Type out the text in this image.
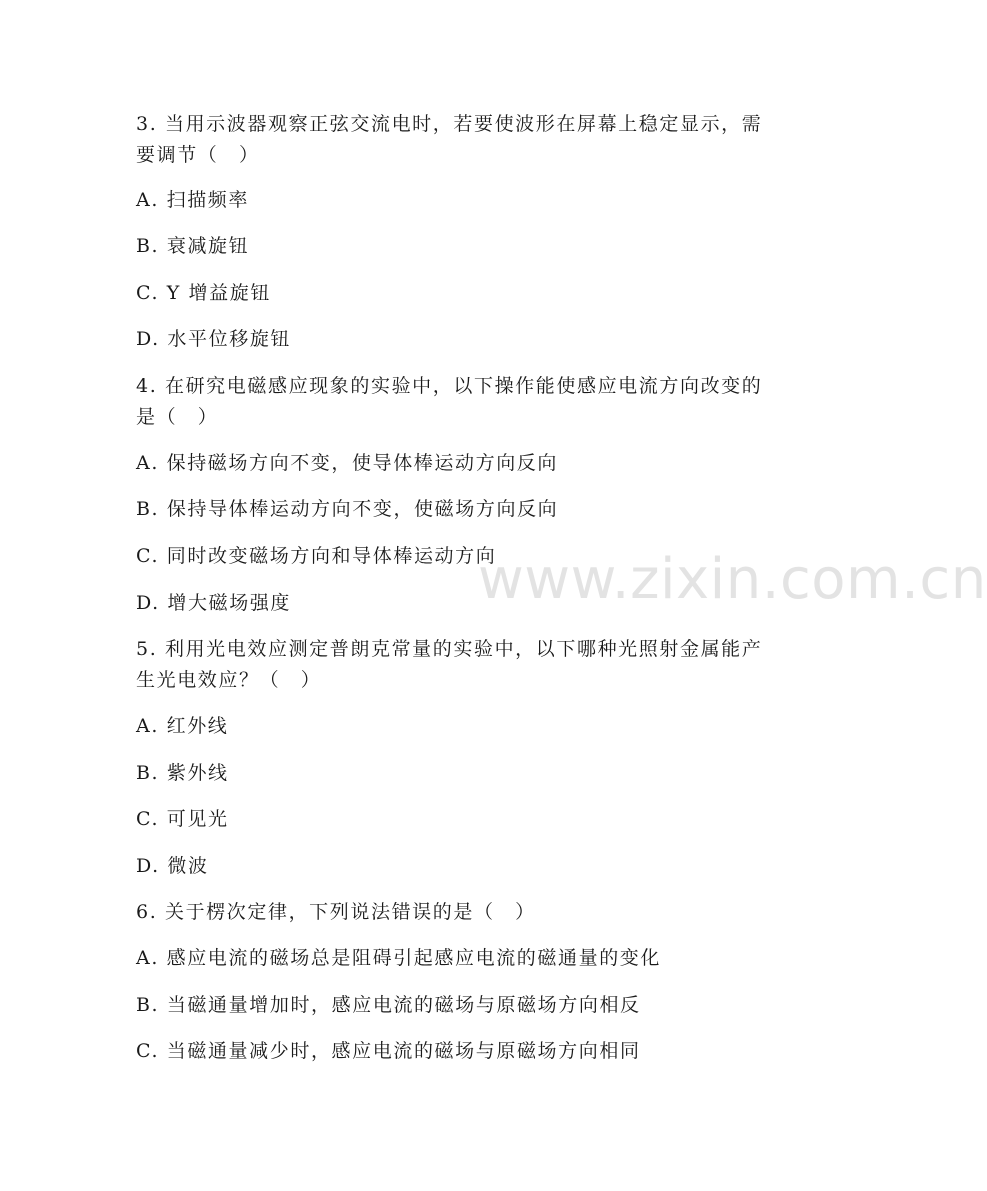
3. 当用示波器观察正弦交流电时，若要使波形在屏幕上稳定显示，需
要调节（　）
A. 扫描频率
B. 衰减旋钮
C. Y 增益旋钮
D. 水平位移旋钮
4. 在研究电磁感应现象的实验中，以下操作能使感应电流方向改变的
是（　）
A. 保持磁场方向不变，使导体棒运动方向反向
B. 保持导体棒运动方向不变，使磁场方向反向
C. 同时改变磁场方向和导体棒运动方向
D. 增大磁场强度
5. 利用光电效应测定普朗克常量的实验中，以下哪种光照射金属能产
生光电效应？（　）
A. 红外线
B. 紫外线
C. 可见光
D. 微波
6. 关于楞次定律，下列说法错误的是（　）
A. 感应电流的磁场总是阻碍引起感应电流的磁通量的变化
B. 当磁通量增加时，感应电流的磁场与原磁场方向相反
C. 当磁通量减少时，感应电流的磁场与原磁场方向相同
www.zixin.com.cn
